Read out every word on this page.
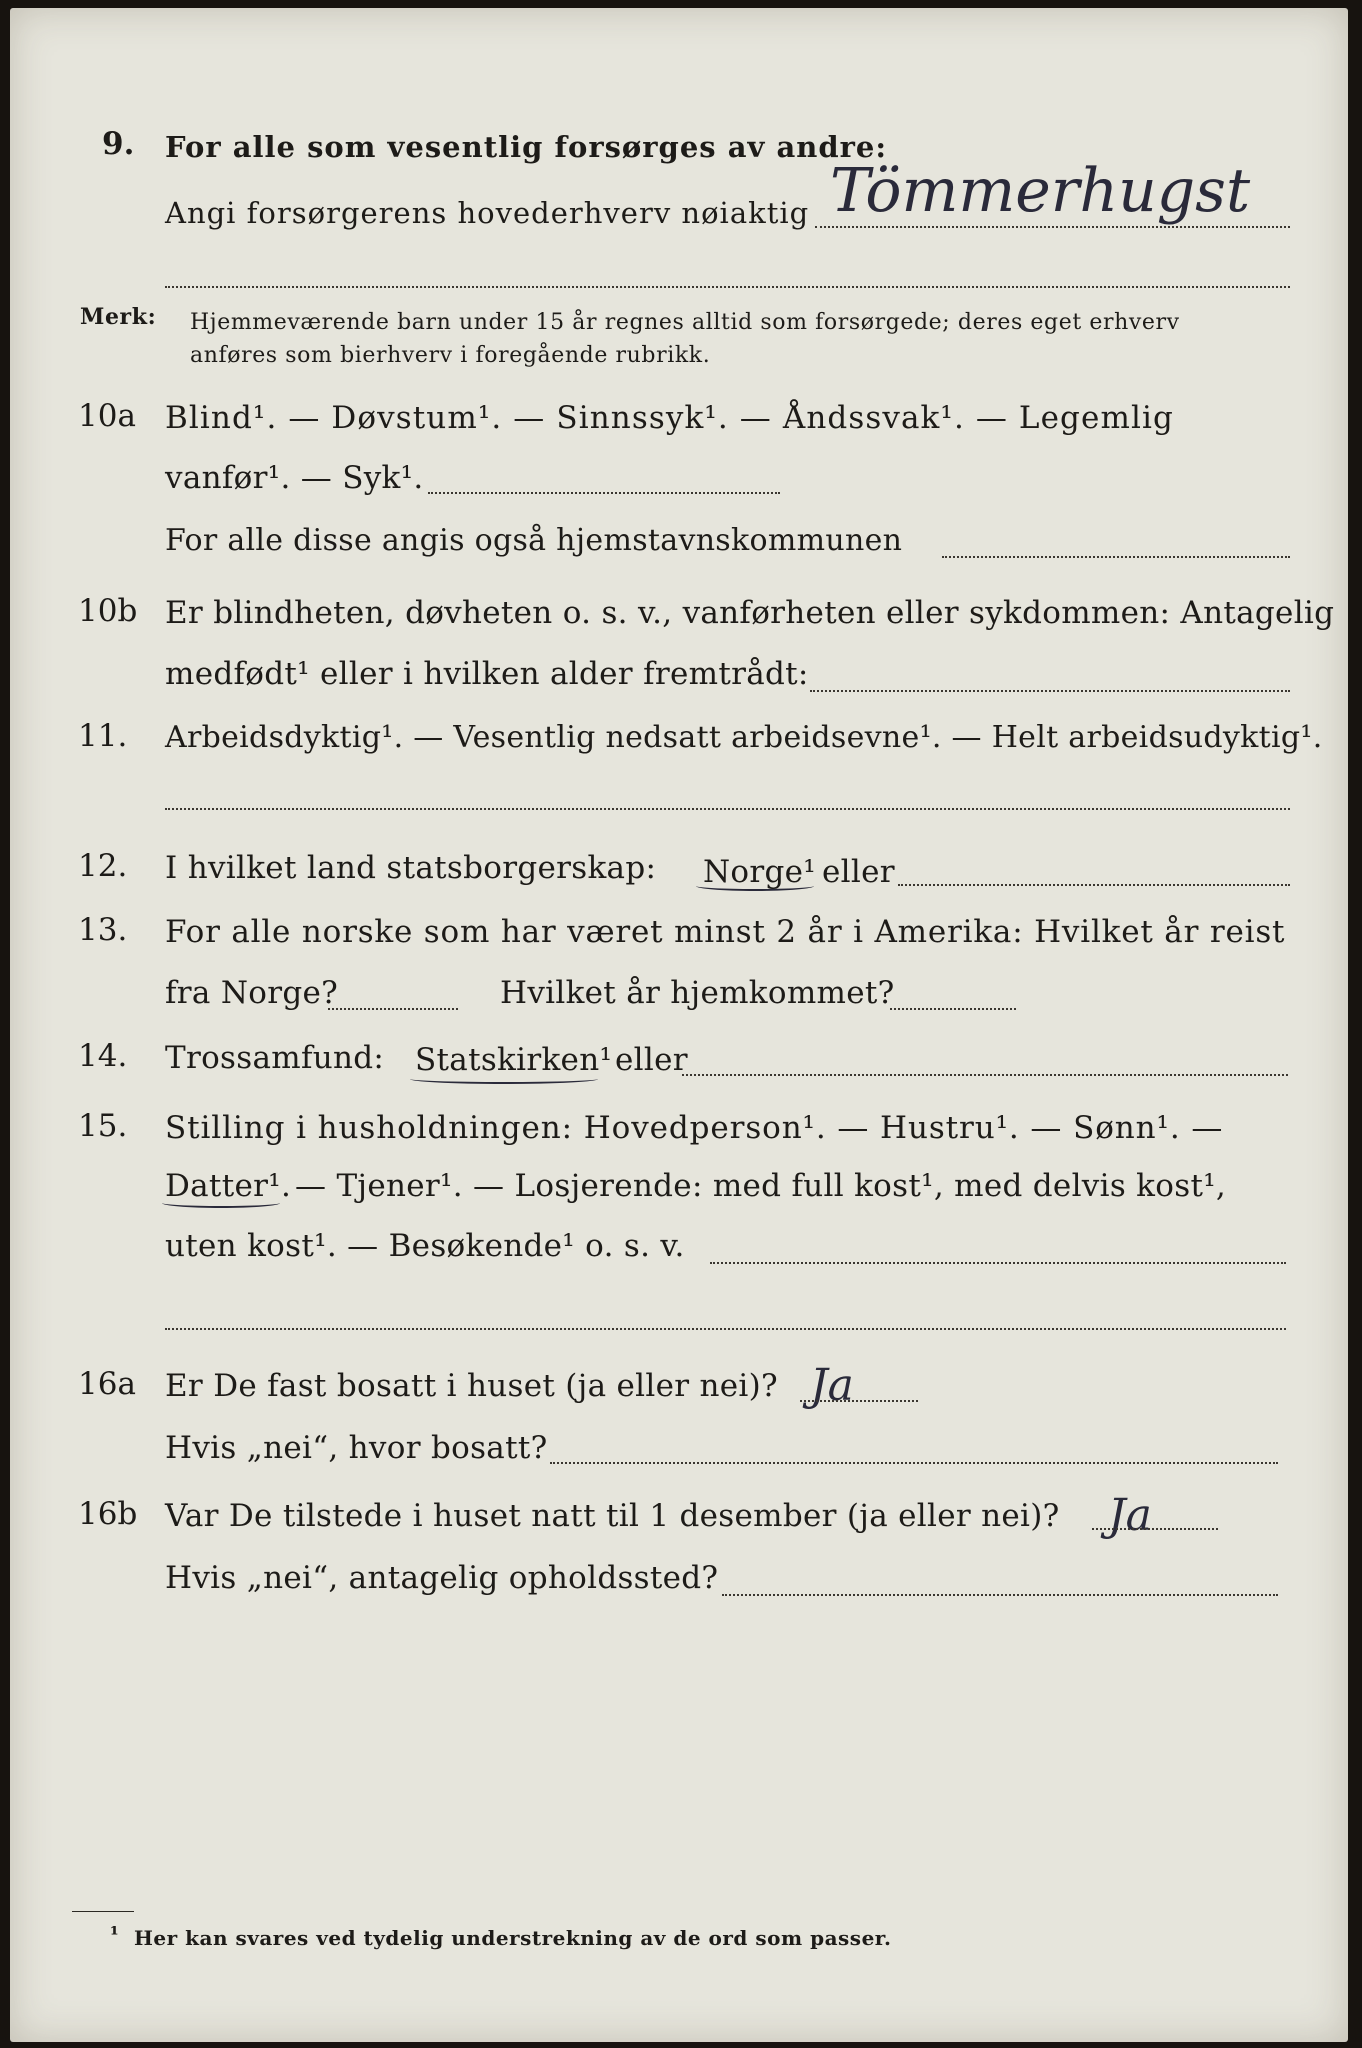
9. For alle som vesentlig forsørges av andre:
Angi forsørgerens hovederhverv nøiaktig Tömmerhugst
Merk: Hjemmeværende barn under 15 år regnes alltid som forsørgede; deres eget erhverv
anføres som bierhverv i foregående rubrikk.
10a Blind¹. — Døvstum¹. — Sinnssyk¹. — Åndssvak¹. — Legemlig
vanfør¹. — Syk¹.
For alle disse angis også hjemstavnskommunen
10b Er blindheten, døvheten o. s. v., vanførheten eller sykdommen: Antagelig
medfødt¹ eller i hvilken alder fremtrådt:
11. Arbeidsdyktig¹. — Vesentlig nedsatt arbeidsevne¹. — Helt arbeidsudyktig¹.
12. I hvilket land statsborgerskap: Norge¹ eller
13. For alle norske som har været minst 2 år i Amerika: Hvilket år reist
fra Norge?	Hvilket år hjemkommet?
14. Trossamfund: Statskirken¹ eller
15. Stilling i husholdningen: Hovedperson¹. — Hustru¹. — Sønn¹. —
Datter¹. — Tjener¹. — Losjerende: med full kost¹, med delvis kost¹,
uten kost¹. — Besøkende¹ o. s. v.
16a Er De fast bosatt i huset (ja eller nei)? Ja
Hvis „nei“, hvor bosatt?
16b Var De tilstede i huset natt til 1 desember (ja eller nei)? Ja
Hvis „nei“, antagelig opholdssted?
¹ Her kan svares ved tydelig understrekning av de ord som passer.
